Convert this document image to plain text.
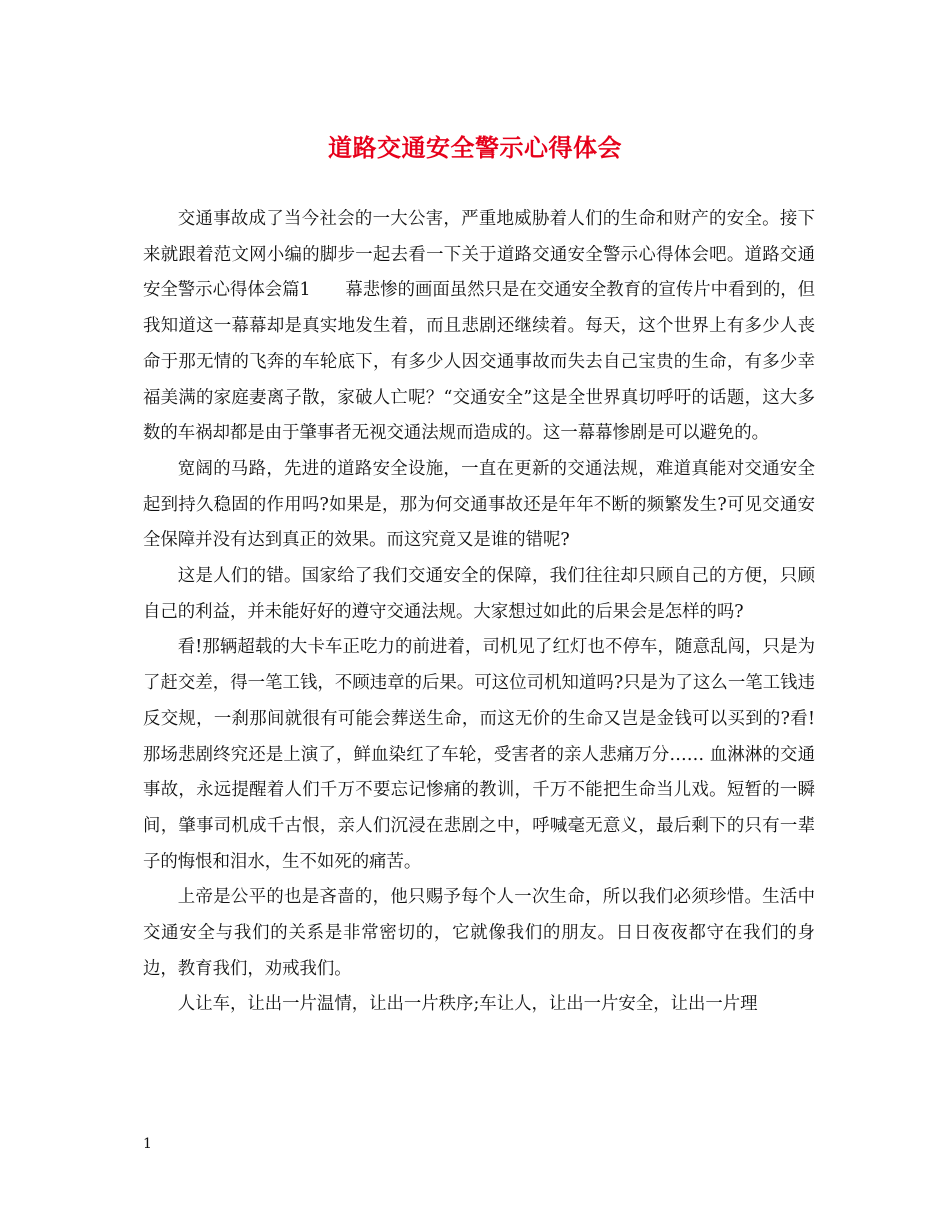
道路交通安全警示心得体会

交通事故成了当今社会的一大公害，严重地威胁着人们的生命和财产的安全。接下来就跟着范文网小编的脚步一起去看一下关于道路交通安全警示心得体会吧。道路交通安全警示心得体会篇1　　幕悲惨的画面虽然只是在交通安全教育的宣传片中看到的，但我知道这一幕幕却是真实地发生着，而且悲剧还继续着。每天，这个世界上有多少人丧命于那无情的飞奔的车轮底下，有多少人因交通事故而失去自己宝贵的生命，有多少幸福美满的家庭妻离子散，家破人亡呢？“交通安全”这是全世界真切呼吁的话题，这大多数的车祸却都是由于肇事者无视交通法规而造成的。这一幕幕惨剧是可以避免的。

宽阔的马路，先进的道路安全设施，一直在更新的交通法规，难道真能对交通安全起到持久稳固的作用吗?如果是，那为何交通事故还是年年不断的频繁发生?可见交通安全保障并没有达到真正的效果。而这究竟又是谁的错呢?

这是人们的错。国家给了我们交通安全的保障，我们往往却只顾自己的方便，只顾自己的利益，并未能好好的遵守交通法规。大家想过如此的后果会是怎样的吗?

看!那辆超载的大卡车正吃力的前进着，司机见了红灯也不停车，随意乱闯，只是为了赶交差，得一笔工钱，不顾违章的后果。可这位司机知道吗?只是为了这么一笔工钱违反交规，一刹那间就很有可能会葬送生命，而这无价的生命又岂是金钱可以买到的?看!那场悲剧终究还是上演了，鲜血染红了车轮，受害者的亲人悲痛万分…… 血淋淋的交通事故，永远提醒着人们千万不要忘记惨痛的教训，千万不能把生命当儿戏。短暂的一瞬间，肇事司机成千古恨，亲人们沉浸在悲剧之中，呼喊毫无意义，最后剩下的只有一辈子的悔恨和泪水，生不如死的痛苦。

上帝是公平的也是吝啬的，他只赐予每个人一次生命，所以我们必须珍惜。生活中交通安全与我们的关系是非常密切的，它就像我们的朋友。日日夜夜都守在我们的身边，教育我们，劝戒我们。

人让车，让出一片温情，让出一片秩序;车让人，让出一片安全，让出一片理

1
